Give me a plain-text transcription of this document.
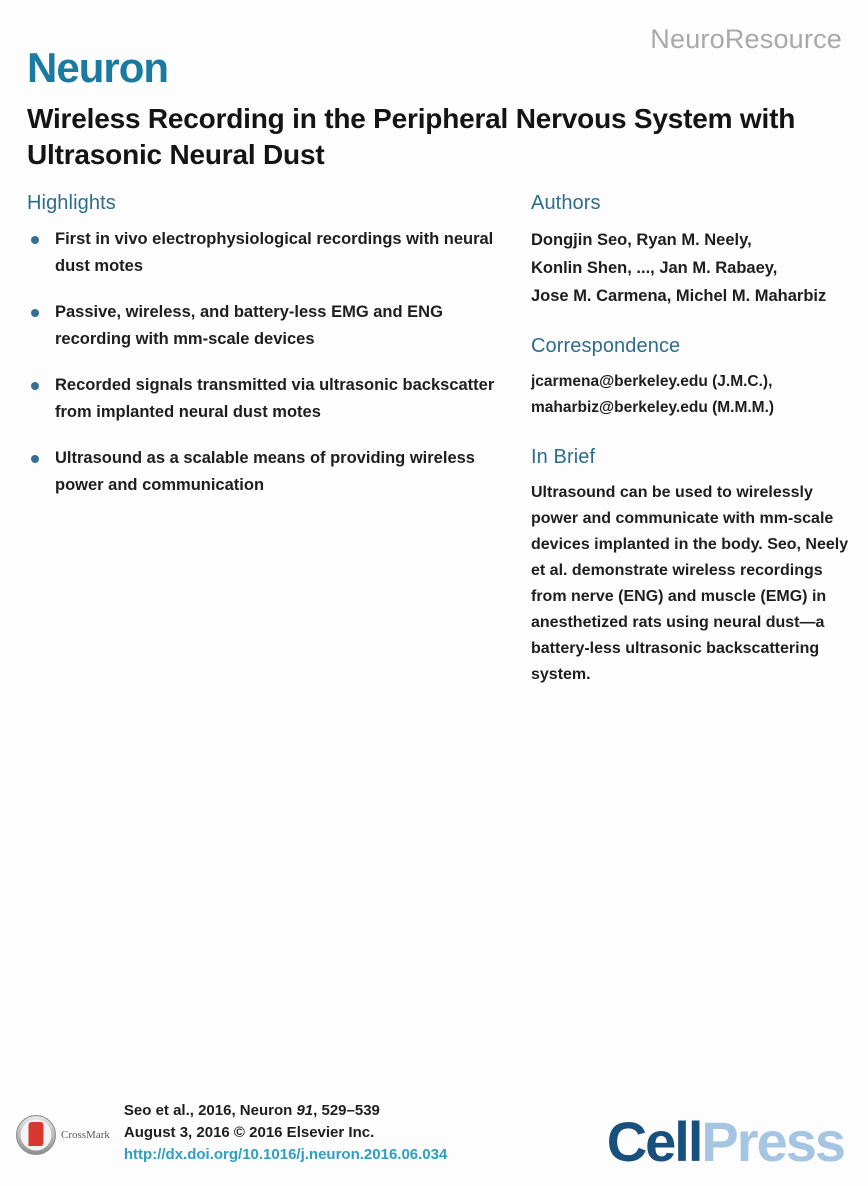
NeuroResource
Neuron
Wireless Recording in the Peripheral Nervous System with Ultrasonic Neural Dust
Highlights
First in vivo electrophysiological recordings with neural dust motes
Passive, wireless, and battery-less EMG and ENG recording with mm-scale devices
Recorded signals transmitted via ultrasonic backscatter from implanted neural dust motes
Ultrasound as a scalable means of providing wireless power and communication
Authors
Dongjin Seo, Ryan M. Neely,
Konlin Shen, ..., Jan M. Rabaey,
Jose M. Carmena, Michel M. Maharbiz
Correspondence
jcarmena@berkeley.edu (J.M.C.),
maharbiz@berkeley.edu (M.M.M.)
In Brief

Ultrasound can be used to wirelessly power and communicate with mm-scale devices implanted in the body. Seo, Neely et al. demonstrate wireless recordings from nerve (ENG) and muscle (EMG) in anesthetized rats using neural dust—a battery-less ultrasonic backscattering system.

CrossMark
Seo et al., 2016, Neuron 91, 529–539
August 3, 2016 © 2016 Elsevier Inc.
http://dx.doi.org/10.1016/j.neuron.2016.06.034	CellPress
